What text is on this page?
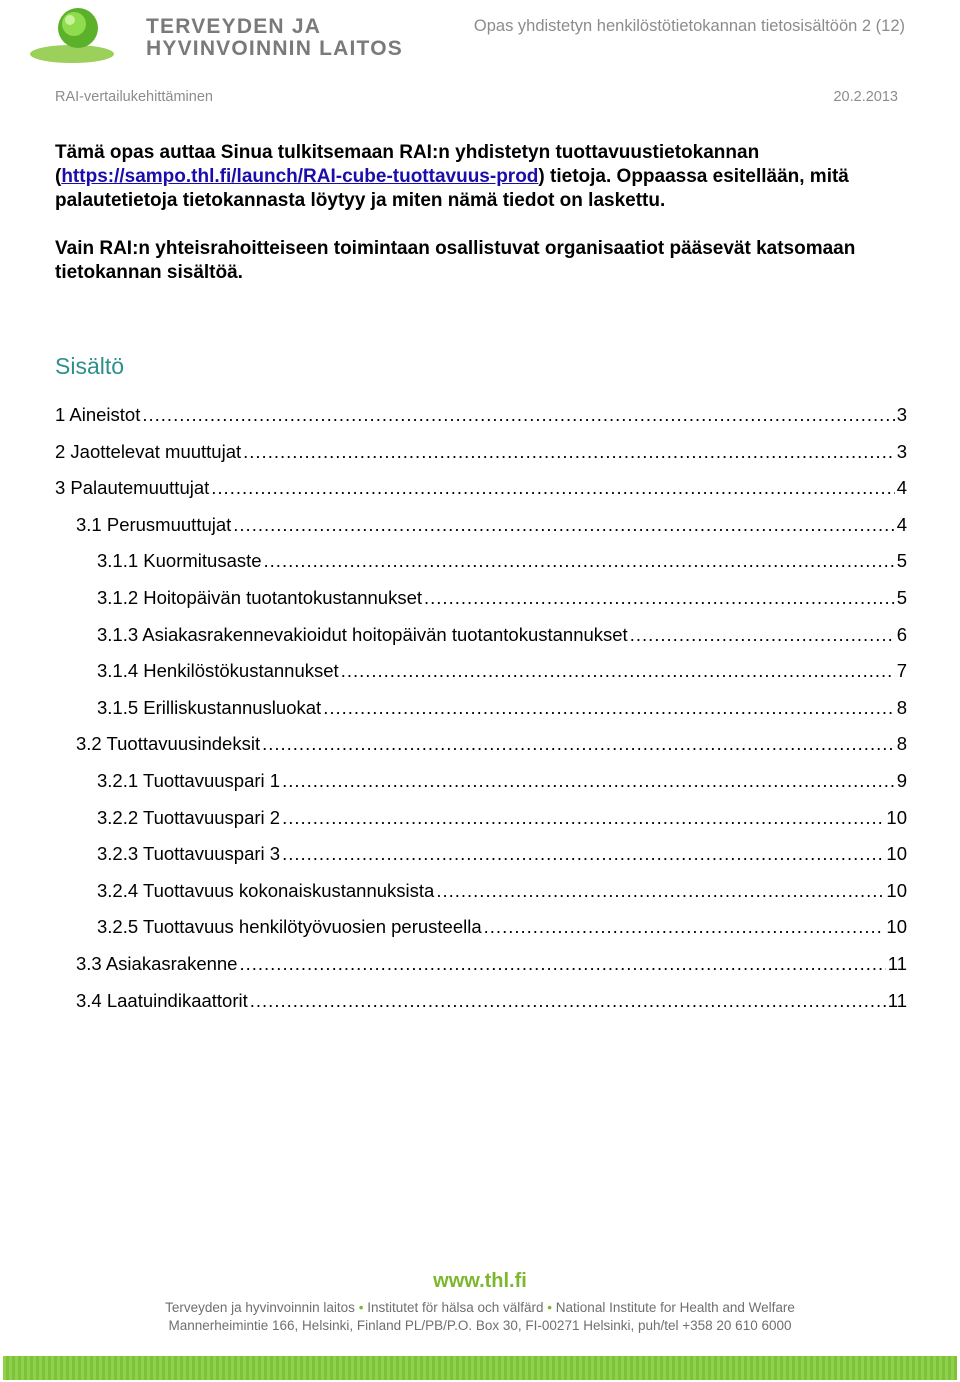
TERVEYDEN JA
HYVINVOINNIN LAITOS
Opas yhdistetyn henkilöstötietokannan tietosisältöön 2 (12)
RAI-vertailukehittäminen	20.2.2013

Tämä opas auttaa Sinua tulkitsemaan RAI:n yhdistetyn tuottavuustietokannan (https://sampo.thl.fi/launch/RAI-cube-tuottavuus-prod) tietoja. Oppaassa esitellään, mitä palautetietoja tietokannasta löytyy ja miten nämä tiedot on laskettu.

Vain RAI:n yhteisrahoitteiseen toimintaan osallistuvat organisaatiot pääsevät katsomaan tietokannan sisältöä.

Sisältö
1 Aineistot .....	3
2 Jaottelevat muuttujat .....	3
3 Palautemuuttujat .....	4
3.1 Perusmuuttujat .....	4
3.1.1 Kuormitusaste .....	5
3.1.2 Hoitopäivän tuotantokustannukset .....	5
3.1.3 Asiakasrakennevakioidut hoitopäivän tuotantokustannukset .....	6
3.1.4 Henkilöstökustannukset .....	7
3.1.5 Erilliskustannusluokat .....	8
3.2 Tuottavuusindeksit .....	8
3.2.1 Tuottavuuspari 1 .....	9
3.2.2 Tuottavuuspari 2 .....	10
3.2.3 Tuottavuuspari 3 .....	10
3.2.4 Tuottavuus kokonaiskustannuksista .....	10
3.2.5 Tuottavuus henkilötyövuosien perusteella .....	10
3.3 Asiakasrakenne .....	11
3.4 Laatuindikaattorit .....	11
www.thl.fi
Terveyden ja hyvinvoinnin laitos • Institutet för hälsa och välfärd • National Institute for Health and Welfare
Mannerheimintie 166, Helsinki, Finland PL/PB/P.O. Box 30, FI-00271 Helsinki, puh/tel +358 20 610 6000
